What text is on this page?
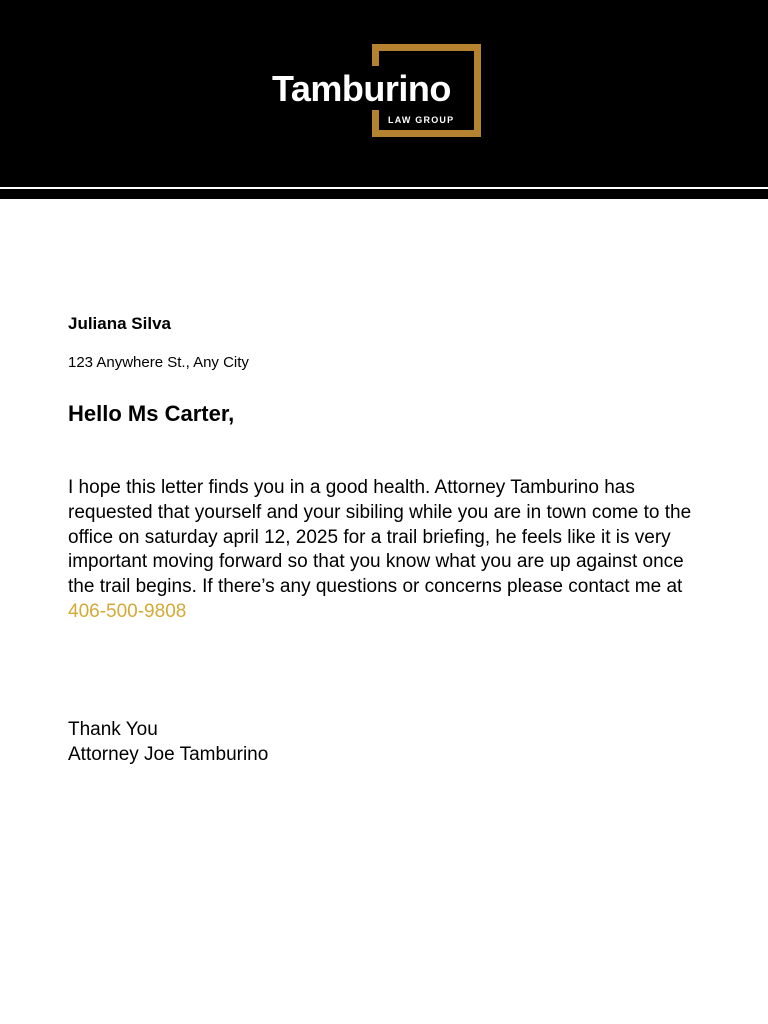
Tamburino
LAW GROUP
Juliana Silva
123 Anywhere St., Any City
Hello Ms Carter,

I hope this letter finds you in a good health. Attorney Tamburino has requested that yourself and your sibiling while you are in town come to the office on saturday april 12, 2025 for a trail briefing, he feels like it is very important moving forward so that you know what you are up against once the trail begins. If there’s any questions or concerns please contact me at 406-500-9808

Thank You
Attorney Joe Tamburino
